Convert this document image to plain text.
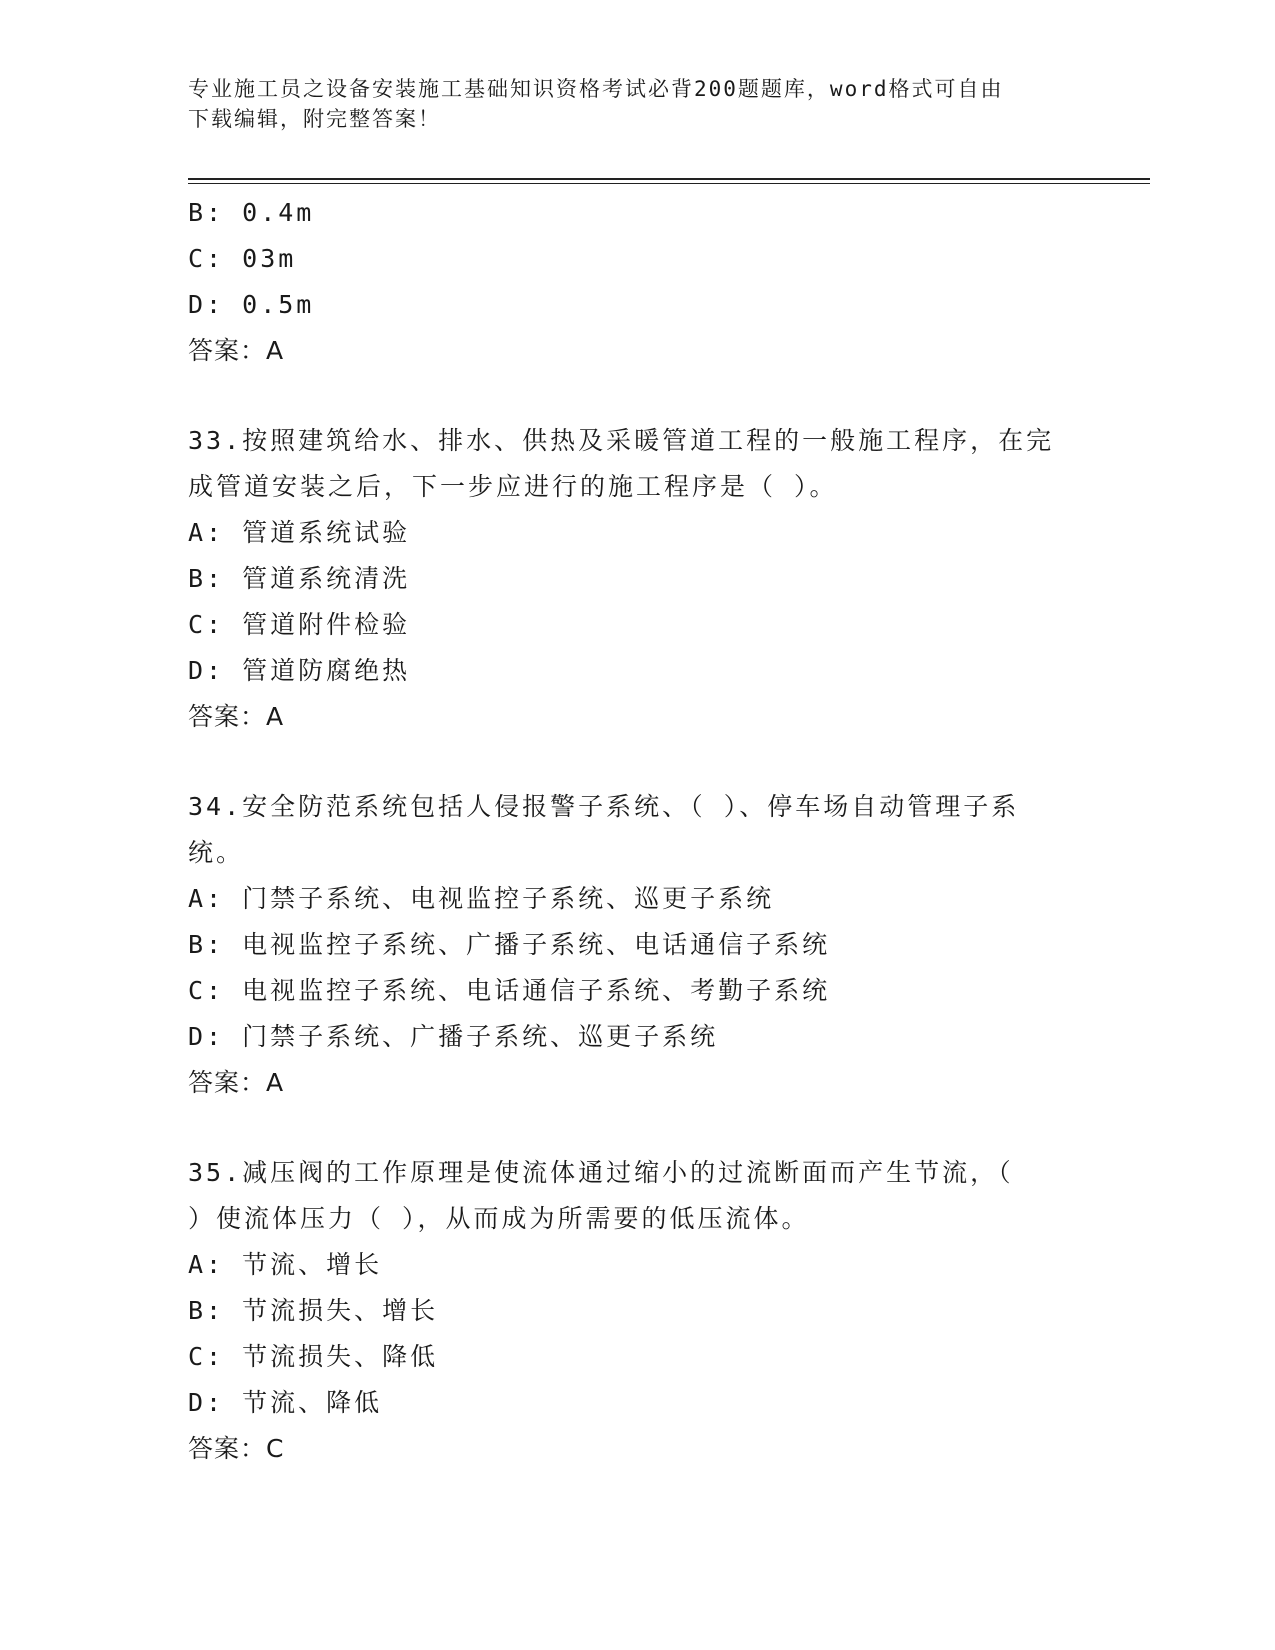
专业施工员之设备安装施工基础知识资格考试必背200题题库，word格式可自由
下载编辑，附完整答案！
B: 0.4m
C: 03m
D: 0.5m
答案：A
33.按照建筑给水、排水、供热及采暖管道工程的一般施工程序，在完
成管道安装之后，下一步应进行的施工程序是（ ）。
A: 管道系统试验
B: 管道系统清洗
C: 管道附件检验
D: 管道防腐绝热
答案：A
34.安全防范系统包括人侵报警子系统、（ ）、停车场自动管理子系
统。
A: 门禁子系统、电视监控子系统、巡更子系统
B: 电视监控子系统、广播子系统、电话通信子系统
C: 电视监控子系统、电话通信子系统、考勤子系统
D: 门禁子系统、广播子系统、巡更子系统
答案：A
35.减压阀的工作原理是使流体通过缩小的过流断面而产生节流，（
）使流体压力（ ），从而成为所需要的低压流体。
A: 节流、增长
B: 节流损失、增长
C: 节流损失、降低
D: 节流、降低
答案：C
